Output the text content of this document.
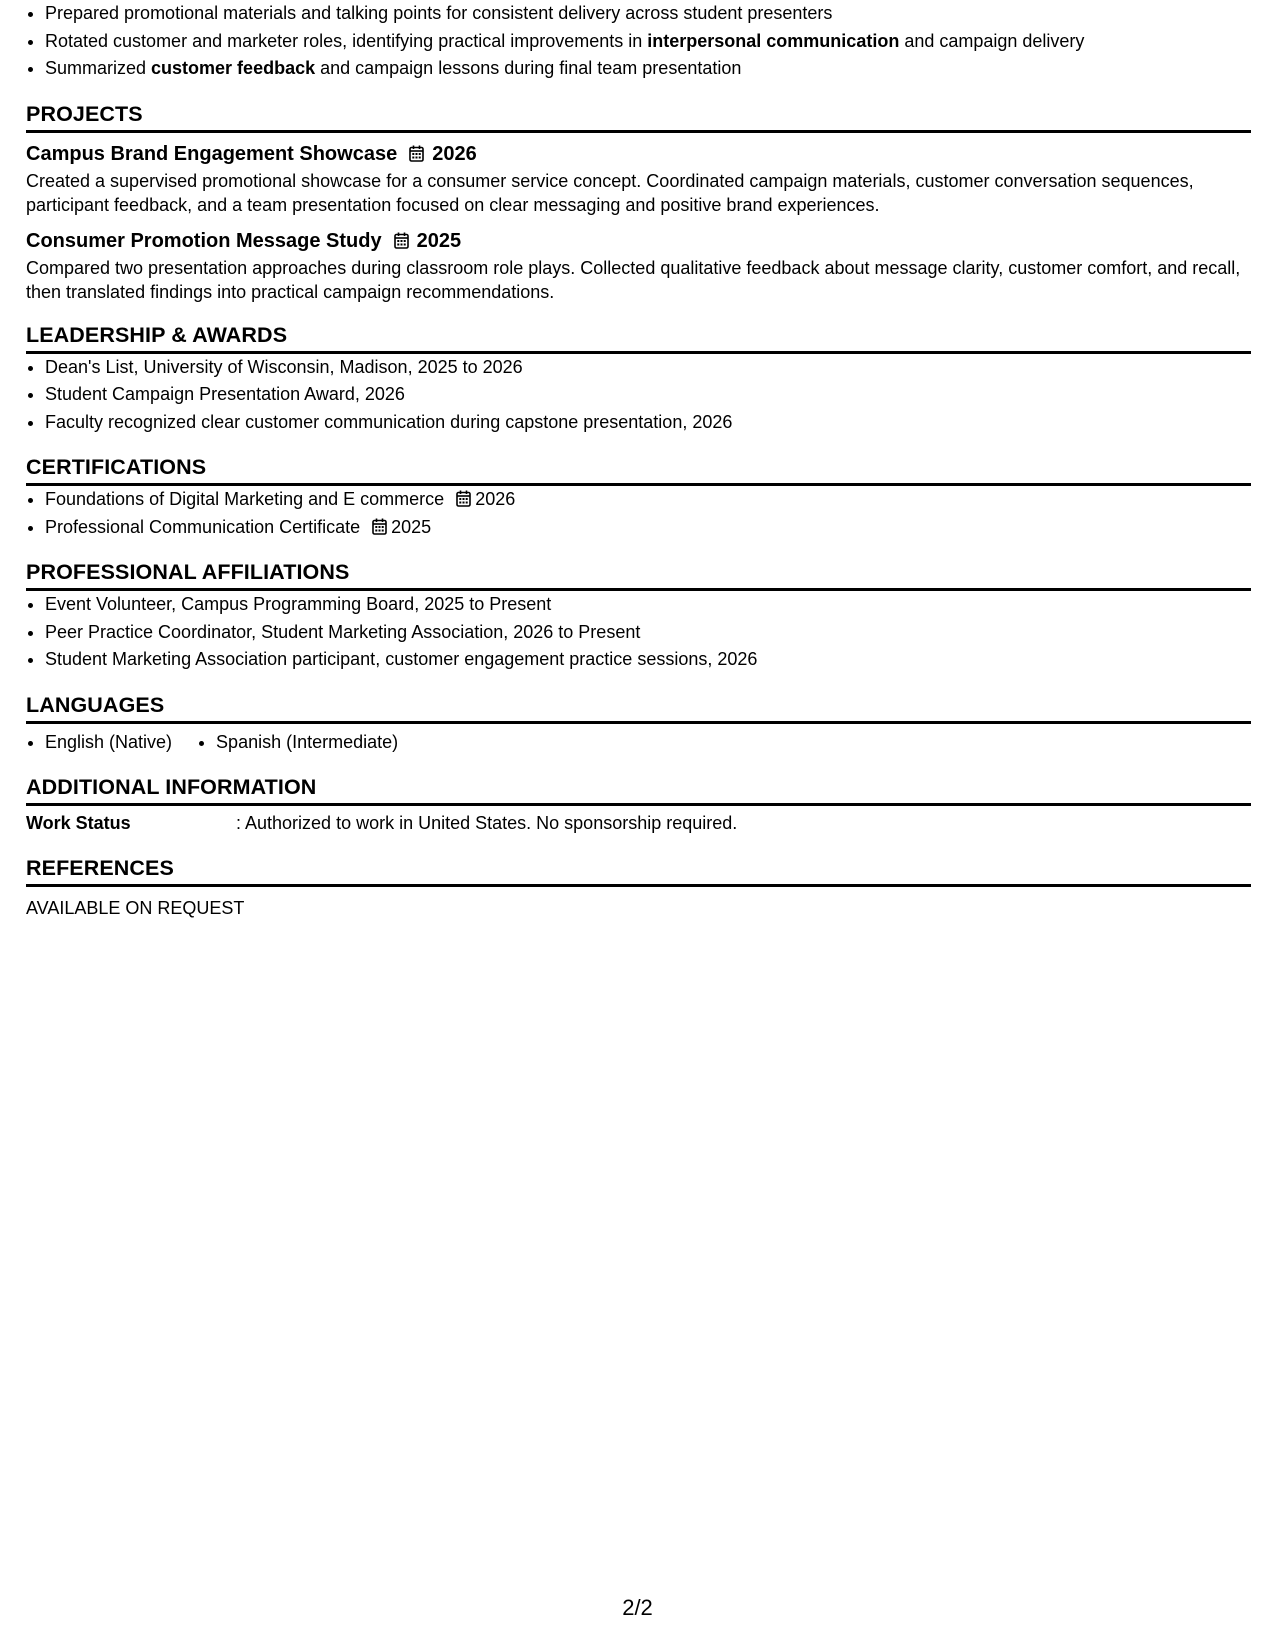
• Prepared promotional materials and talking points for consistent delivery across student presenters
• Rotated customer and marketer roles, identifying practical improvements in interpersonal communication and campaign delivery
• Summarized customer feedback and campaign lessons during final team presentation
PROJECTS
Campus Brand Engagement Showcase 2026

Created a supervised promotional showcase for a consumer service concept. Coordinated campaign materials, customer conversation sequences, participant feedback, and a team presentation focused on clear messaging and positive brand experiences.

Consumer Promotion Message Study 2025

Compared two presentation approaches during classroom role plays. Collected qualitative feedback about message clarity, customer comfort, and recall, then translated findings into practical campaign recommendations.

LEADERSHIP & AWARDS
• Dean's List, University of Wisconsin, Madison, 2025 to 2026
• Student Campaign Presentation Award, 2026
• Faculty recognized clear customer communication during capstone presentation, 2026
CERTIFICATIONS
• Foundations of Digital Marketing and E commerce 2026
• Professional Communication Certificate 2025
PROFESSIONAL AFFILIATIONS
• Event Volunteer, Campus Programming Board, 2025 to Present
• Peer Practice Coordinator, Student Marketing Association, 2026 to Present
• Student Marketing Association participant, customer engagement practice sessions, 2026
LANGUAGES
• English (Native)
• Spanish (Intermediate)
ADDITIONAL INFORMATION
Work Status	: Authorized to work in United States. No sponsorship required.
REFERENCES
AVAILABLE ON REQUEST
2/2
